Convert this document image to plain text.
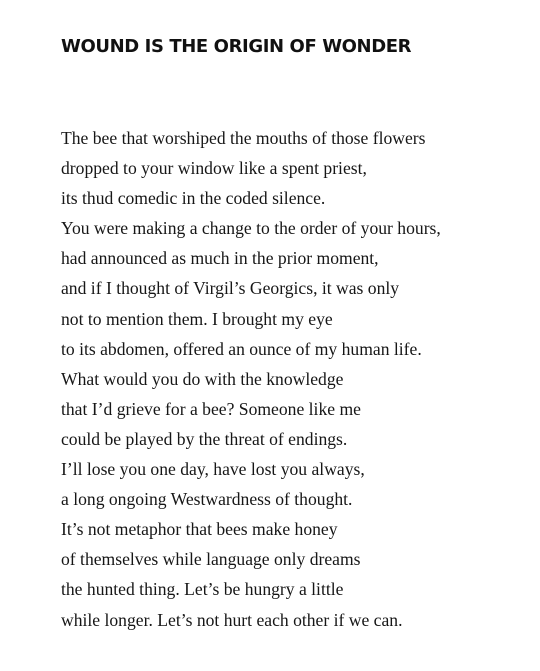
WOUND IS THE ORIGIN OF WONDER
The bee that worshiped the mouths of those flowers
dropped to your window like a spent priest,
its thud comedic in the coded silence.
You were making a change to the order of your hours,
had announced as much in the prior moment,
and if I thought of Virgil’s Georgics, it was only
not to mention them. I brought my eye
to its abdomen, offered an ounce of my human life.
What would you do with the knowledge
that I’d grieve for a bee? Someone like me
could be played by the threat of endings.
I’ll lose you one day, have lost you always,
a long ongoing Westwardness of thought.
It’s not metaphor that bees make honey
of themselves while language only dreams
the hunted thing. Let’s be hungry a little
while longer. Let’s not hurt each other if we can.
